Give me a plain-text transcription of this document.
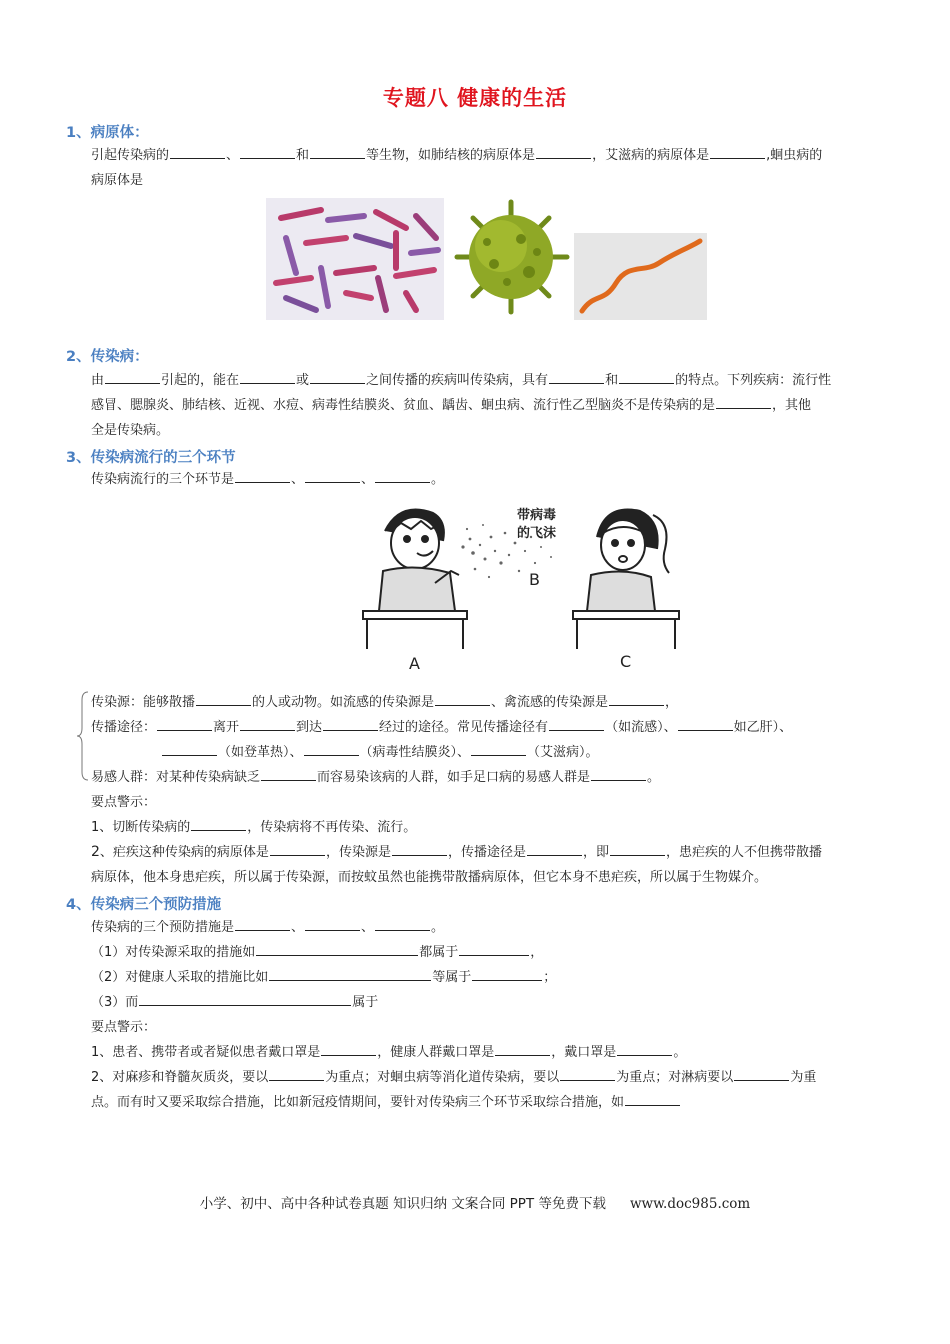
专题八 健康的生活
1、病原体：
引起传染病的	、	和	等生物，如肺结核的病原体是	，艾滋病的病原体是	,蛔虫病的
病原体是
2、传染病：
由	引起的，能在	或	之间传播的疾病叫传染病，具有	和	的特点。下列疾病：流行性
感冒、腮腺炎、肺结核、近视、水痘、病毒性结膜炎、贫血、龋齿、蛔虫病、流行性乙型脑炎不是传染病的是	，其他
全是传染病。
3、传染病流行的三个环节
传染病流行的三个环节是	、	、	。
带病毒
的飞沫
B
A	C
传染源：能够散播	的人或动物。如流感的传染源是	、禽流感的传染源是	，
传播途径：	离开	到达	经过的途径。常见传播途径有	（如流感）、	如乙肝）、
（如登革热）、	（病毒性结膜炎）、	（艾滋病）。
易感人群：对某种传染病缺乏	而容易染该病的人群，如手足口病的易感人群是	。
要点警示：
1、切断传染病的	，传染病将不再传染、流行。
2、疟疾这种传染病的病原体是	，传染源是	，传播途径是	，即	，患疟疾的人不但携带散播
病原体，他本身患疟疾，所以属于传染源，而按蚊虽然也能携带散播病原体，但它本身不患疟疾，所以属于生物媒介。
4、传染病三个预防措施
传染病的三个预防措施是	、	、	。
（1）对传染源采取的措施如	都属于	，
（2）对健康人采取的措施比如	等属于	；
（3）而	属于
要点警示：
1、患者、携带者或者疑似患者戴口罩是	，健康人群戴口罩是	，戴口罩是	。
2、对麻疹和脊髓灰质炎，要以	为重点；对蛔虫病等消化道传染病，要以	为重点；对淋病要以	为重
点。而有时又要采取综合措施，比如新冠疫情期间，要针对传染病三个环节采取综合措施，如
小学、初中、高中各种试卷真题 知识归纳 文案合同 PPT 等免费下载 www.doc985.com
